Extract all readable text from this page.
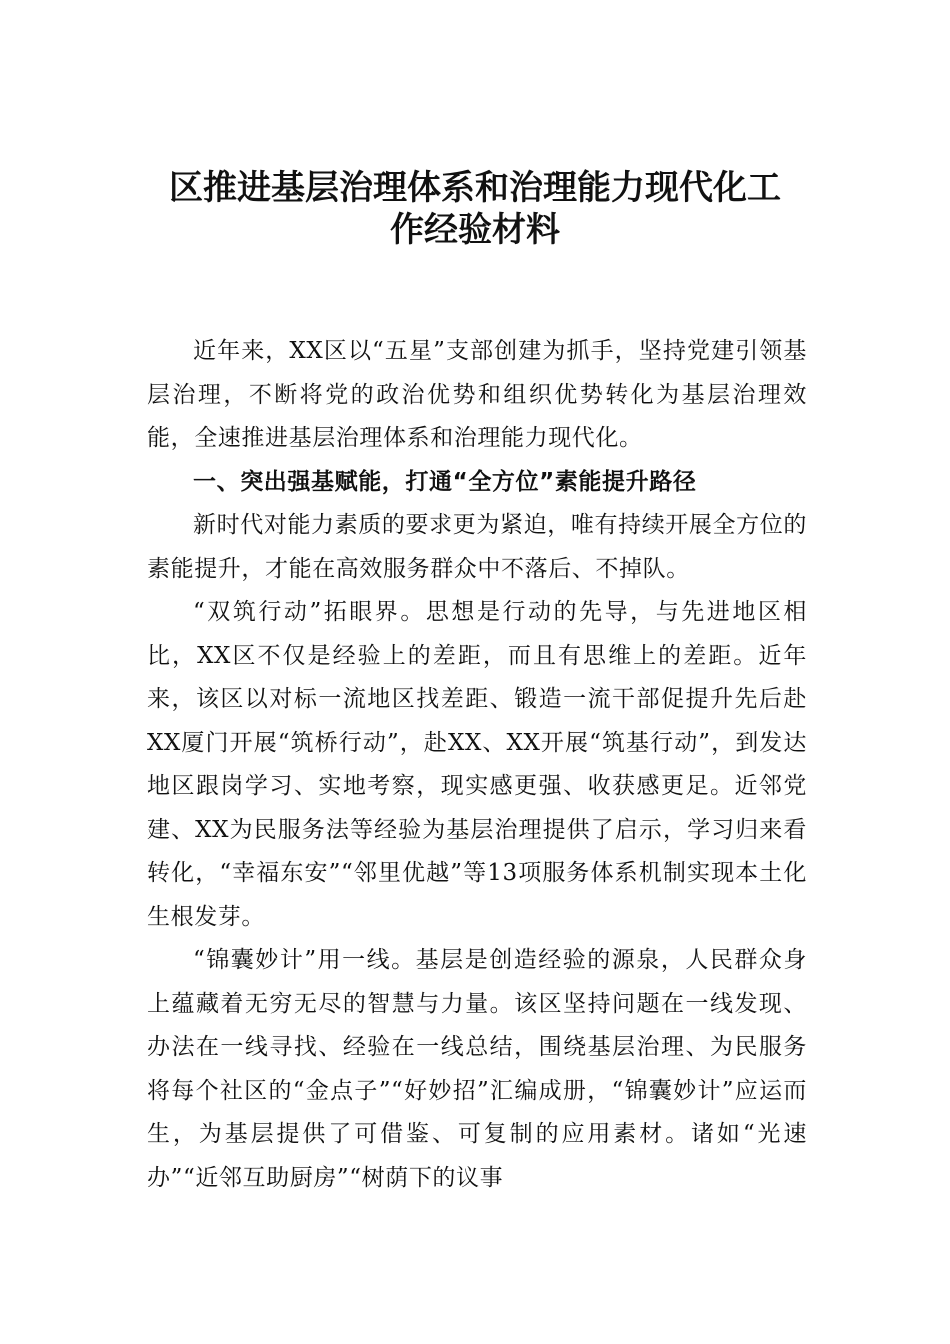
区推进基层治理体系和治理能力现代化工
作经验材料

近年来，XX区以“五星”支部创建为抓手，坚持党建引领基层治理，不断将党的政治优势和组织优势转化为基层治理效能，全速推进基层治理体系和治理能力现代化。

一、突出强基赋能，打通“全方位”素能提升路径

新时代对能力素质的要求更为紧迫，唯有持续开展全方位的素能提升，才能在高效服务群众中不落后、不掉队。

“双筑行动”拓眼界。思想是行动的先导，与先进地区相比，XX区不仅是经验上的差距，而且有思维上的差距。近年来，该区以对标一流地区找差距、锻造一流干部促提升先后赴XX厦门开展“筑桥行动”，赴XX、XX开展“筑基行动”，到发达地区跟岗学习、实地考察，现实感更强、收获感更足。近邻党建、XX为民服务法等经验为基层治理提供了启示，学习归来看转化，“幸福东安”“邻里优越”等13项服务体系机制实现本土化生根发芽。

“锦囊妙计”用一线。基层是创造经验的源泉，人民群众身上蕴藏着无穷无尽的智慧与力量。该区坚持问题在一线发现、办法在一线寻找、经验在一线总结，围绕基层治理、为民服务将每个社区的“金点子”“好妙招”汇编成册，“锦囊妙计”应运而生，为基层提供了可借鉴、可复制的应用素材。诸如“光速办”“近邻互助厨房”“树荫下的议事
